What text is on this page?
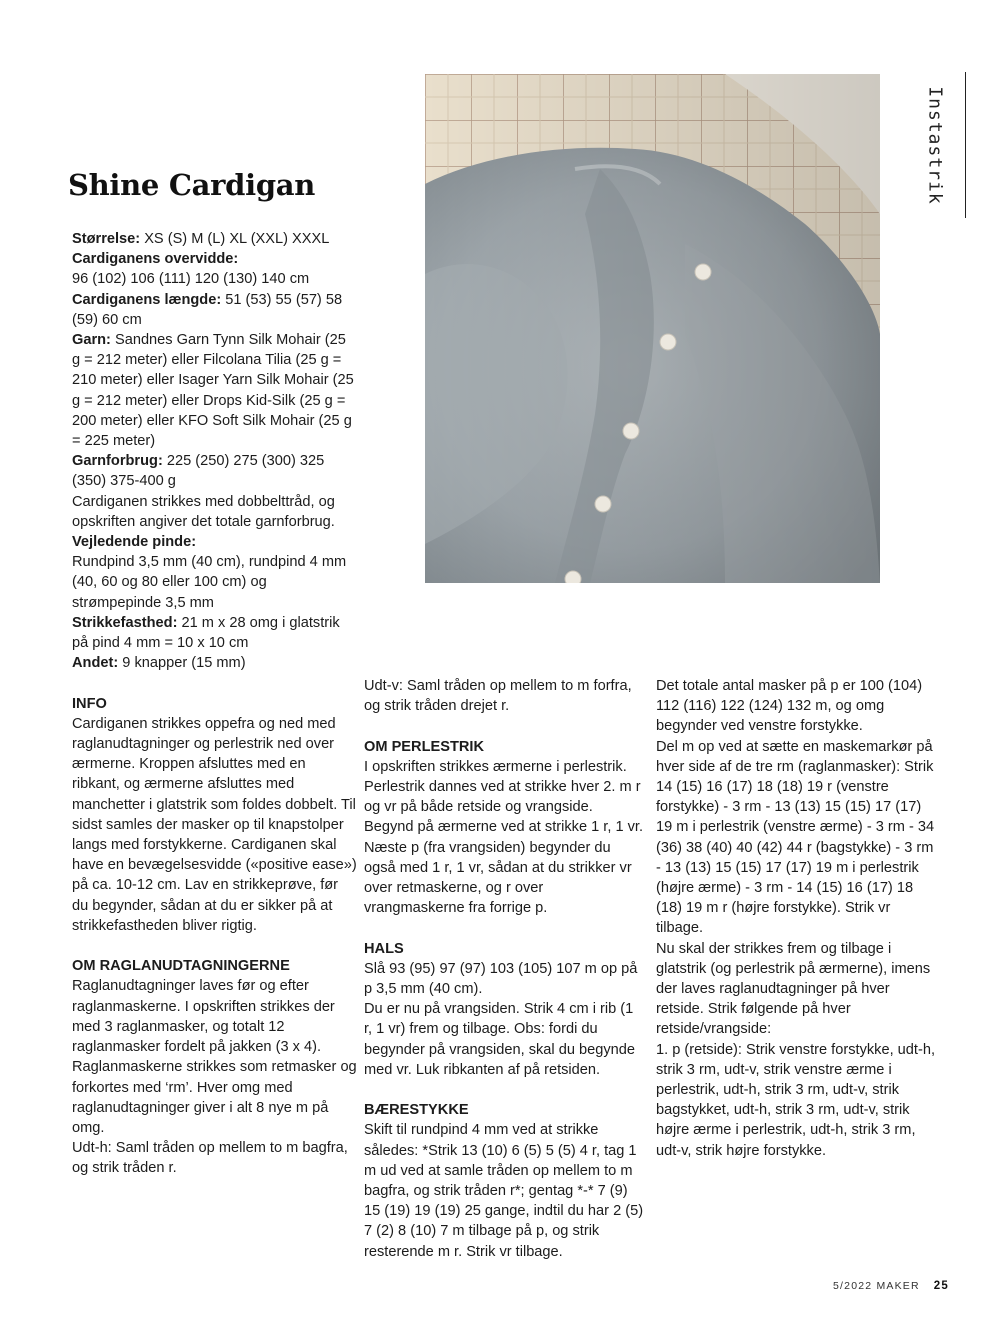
Shine Cardigan	Instastrik

Størrelse: XS (S) M (L) XL (XXL) XXXL

Cardiganens overvidde:

96 (102) 106 (111) 120 (130) 140 cm

Cardiganens længde: 51 (53) 55 (57) 58 (59) 60 cm

Garn: Sandnes Garn Tynn Silk Mohair (25 g = 212 meter) eller Filcolana Tilia (25 g = 210 meter) eller Isager Yarn Silk Mohair (25 g = 212 meter) eller Drops Kid-Silk (25 g = 200 meter) eller KFO Soft Silk Mohair (25 g = 225 meter)

Garnforbrug: 225 (250) 275 (300) 325 (350) 375-400 g

Cardiganen strikkes med dobbelttråd, og opskriften angiver det totale garnforbrug.

Vejledende pinde:

Rundpind 3,5 mm (40 cm), rundpind 4 mm (40, 60 og 80 eller 100 cm) og strømpepinde 3,5 mm

Strikkefasthed: 21 m x 28 omg i glatstrik på pind 4 mm = 10 x 10 cm

Andet: 9 knapper (15 mm)

INFO

Cardiganen strikkes oppefra og ned med raglanudtagninger og perlestrik ned over ærmerne. Kroppen afsluttes med en ribkant, og ærmerne afsluttes med manchetter i glatstrik som foldes dobbelt. Til sidst samles der masker op til knapstolper langs med forstykkerne. Cardiganen skal have en bevægelsesvidde («positive ease») på ca. 10-12 cm. Lav en strikkeprøve, før du begynder, sådan at du er sikker på at strikkefastheden bliver rigtig.

OM RAGLANUDTAGNINGERNE

Raglanudtagninger laves før og efter raglanmaskerne. I opskriften strikkes der med 3 raglanmasker, og totalt 12 raglanmasker fordelt på jakken (3 x 4). Raglanmaskerne strikkes som retmasker og forkortes med ‘rm’. Hver omg med raglanudtagninger giver i alt 8 nye m på omg.

Udt-h: Saml tråden op mellem to m bagfra, og strik tråden r.

Udt-v: Saml tråden op mellem to m forfra, og strik tråden drejet r.

OM PERLESTRIK

I opskriften strikkes ærmerne i perlestrik. Perlestrik dannes ved at strikke hver 2. m r og vr på både retside og vrangside. Begynd på ærmerne ved at strikke 1 r, 1 vr. Næste p (fra vrangsiden) begynder du også med 1 r, 1 vr, sådan at du strikker vr over retmaskerne, og r over vrangmaskerne fra forrige p.

HALS

Slå 93 (95) 97 (97) 103 (105) 107 m op på p 3,5 mm (40 cm).

Du er nu på vrangsiden. Strik 4 cm i rib (1 r, 1 vr) frem og tilbage. Obs: fordi du begynder på vrangsiden, skal du begynde med vr. Luk ribkanten af på retsiden.

BÆRESTYKKE

Skift til rundpind 4 mm ved at strikke således: *Strik 13 (10) 6 (5) 5 (5) 4 r, tag 1 m ud ved at samle tråden op mellem to m bagfra, og strik tråden r*; gentag *-* 7 (9) 15 (19) 19 (19) 25 gange, indtil du har 2 (5) 7 (2) 8 (10) 7 m tilbage på p, og strik resterende m r. Strik vr tilbage.

Det totale antal masker på p er 100 (104) 112 (116) 122 (124) 132 m, og omg begynder ved venstre forstykke.

Del m op ved at sætte en maskemarkør på hver side af de tre rm (raglanmasker): Strik 14 (15) 16 (17) 18 (18) 19 r (venstre forstykke) - 3 rm - 13 (13) 15 (15) 17 (17) 19 m i perlestrik (venstre ærme) - 3 rm - 34 (36) 38 (40) 40 (42) 44 r (bagstykke) - 3 rm - 13 (13) 15 (15) 17 (17) 19 m i perlestrik (højre ærme) - 3 rm - 14 (15) 16 (17) 18 (18) 19 m r (højre forstykke). Strik vr tilbage.

Nu skal der strikkes frem og tilbage i glatstrik (og perlestrik på ærmerne), imens der laves raglanudtagninger på hver retside. Strik følgende på hver retside/vrangside:

1. p (retside): Strik venstre forstykke, udt-h, strik 3 rm, udt-v, strik venstre ærme i perlestrik, udt-h, strik 3 rm, udt-v, strik bagstykket, udt-h, strik 3 rm, udt-v, strik højre ærme i perlestrik, udt-h, strik 3 rm, udt-v, strik højre forstykke.

5/2022 MAKER 25
